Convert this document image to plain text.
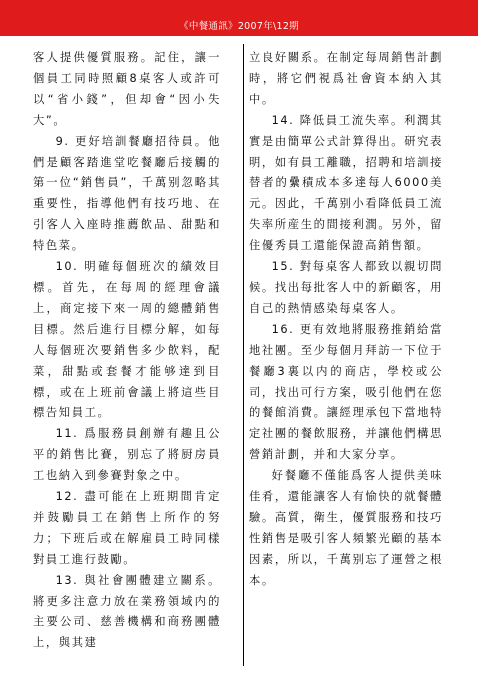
《中餐通訊》2007年\12期

客人提供優質服務。記住，讓一個員工同時照顧8桌客人或許可以“省小錢”，但却會“因小失大”。

9. 更好培訓餐廳招待員。他們是顧客踏進堂吃餐廳后接觸的第一位“銷售員”，千萬别忽略其重要性，指導他們有技巧地、在引客人入座時推薦飲品、甜點和特色菜。

10. 明確每個班次的績效目標。首先，在每周的經理會議上，商定接下來一周的總體銷售目標。然后進行目標分解，如每人每個班次要銷售多少飲料，配菜，甜點或套餐才能够達到目標，或在上班前會議上將這些目標告知員工。

11. 爲服務員創辦有趣且公平的銷售比賽，别忘了將厨房員工也納入到參賽對象之中。

12. 盡可能在上班期間肯定并鼓勵員工在銷售上所作的努力；下班后或在解雇員工時同樣對員工進行鼓勵。

13. 與社會團體建立關系。將更多注意力放在業務領域内的主要公司、慈善機構和商務團體上，與其建

立良好關系。在制定每周銷售計劃時，將它們視爲社會資本納入其中。

14. 降低員工流失率。利潤其實是由簡單公式計算得出。研究表明，如有員工離職，招聘和培訓接替者的纍積成本多達每人6000美元。因此，千萬别小看降低員工流失率所産生的間接利潤。另外，留住優秀員工還能保證高銷售額。

15. 對每桌客人都致以親切問候。找出每批客人中的新顧客，用自己的熱情感染每桌客人。

16. 更有效地將服務推銷給當地社團。至少每個月拜訪一下位于餐廳3裏以内的商店，學校或公司，找出可行方案，吸引他們在您的餐館消費。讓經理承包下當地特定社團的餐飲服務，并讓他們構思營銷計劃，并和大家分享。

好餐廳不僅能爲客人提供美味佳肴，還能讓客人有愉快的就餐體驗。高質，衛生，優質服務和技巧性銷售是吸引客人頻繁光顧的基本因素，所以，千萬别忘了運營之根本。
